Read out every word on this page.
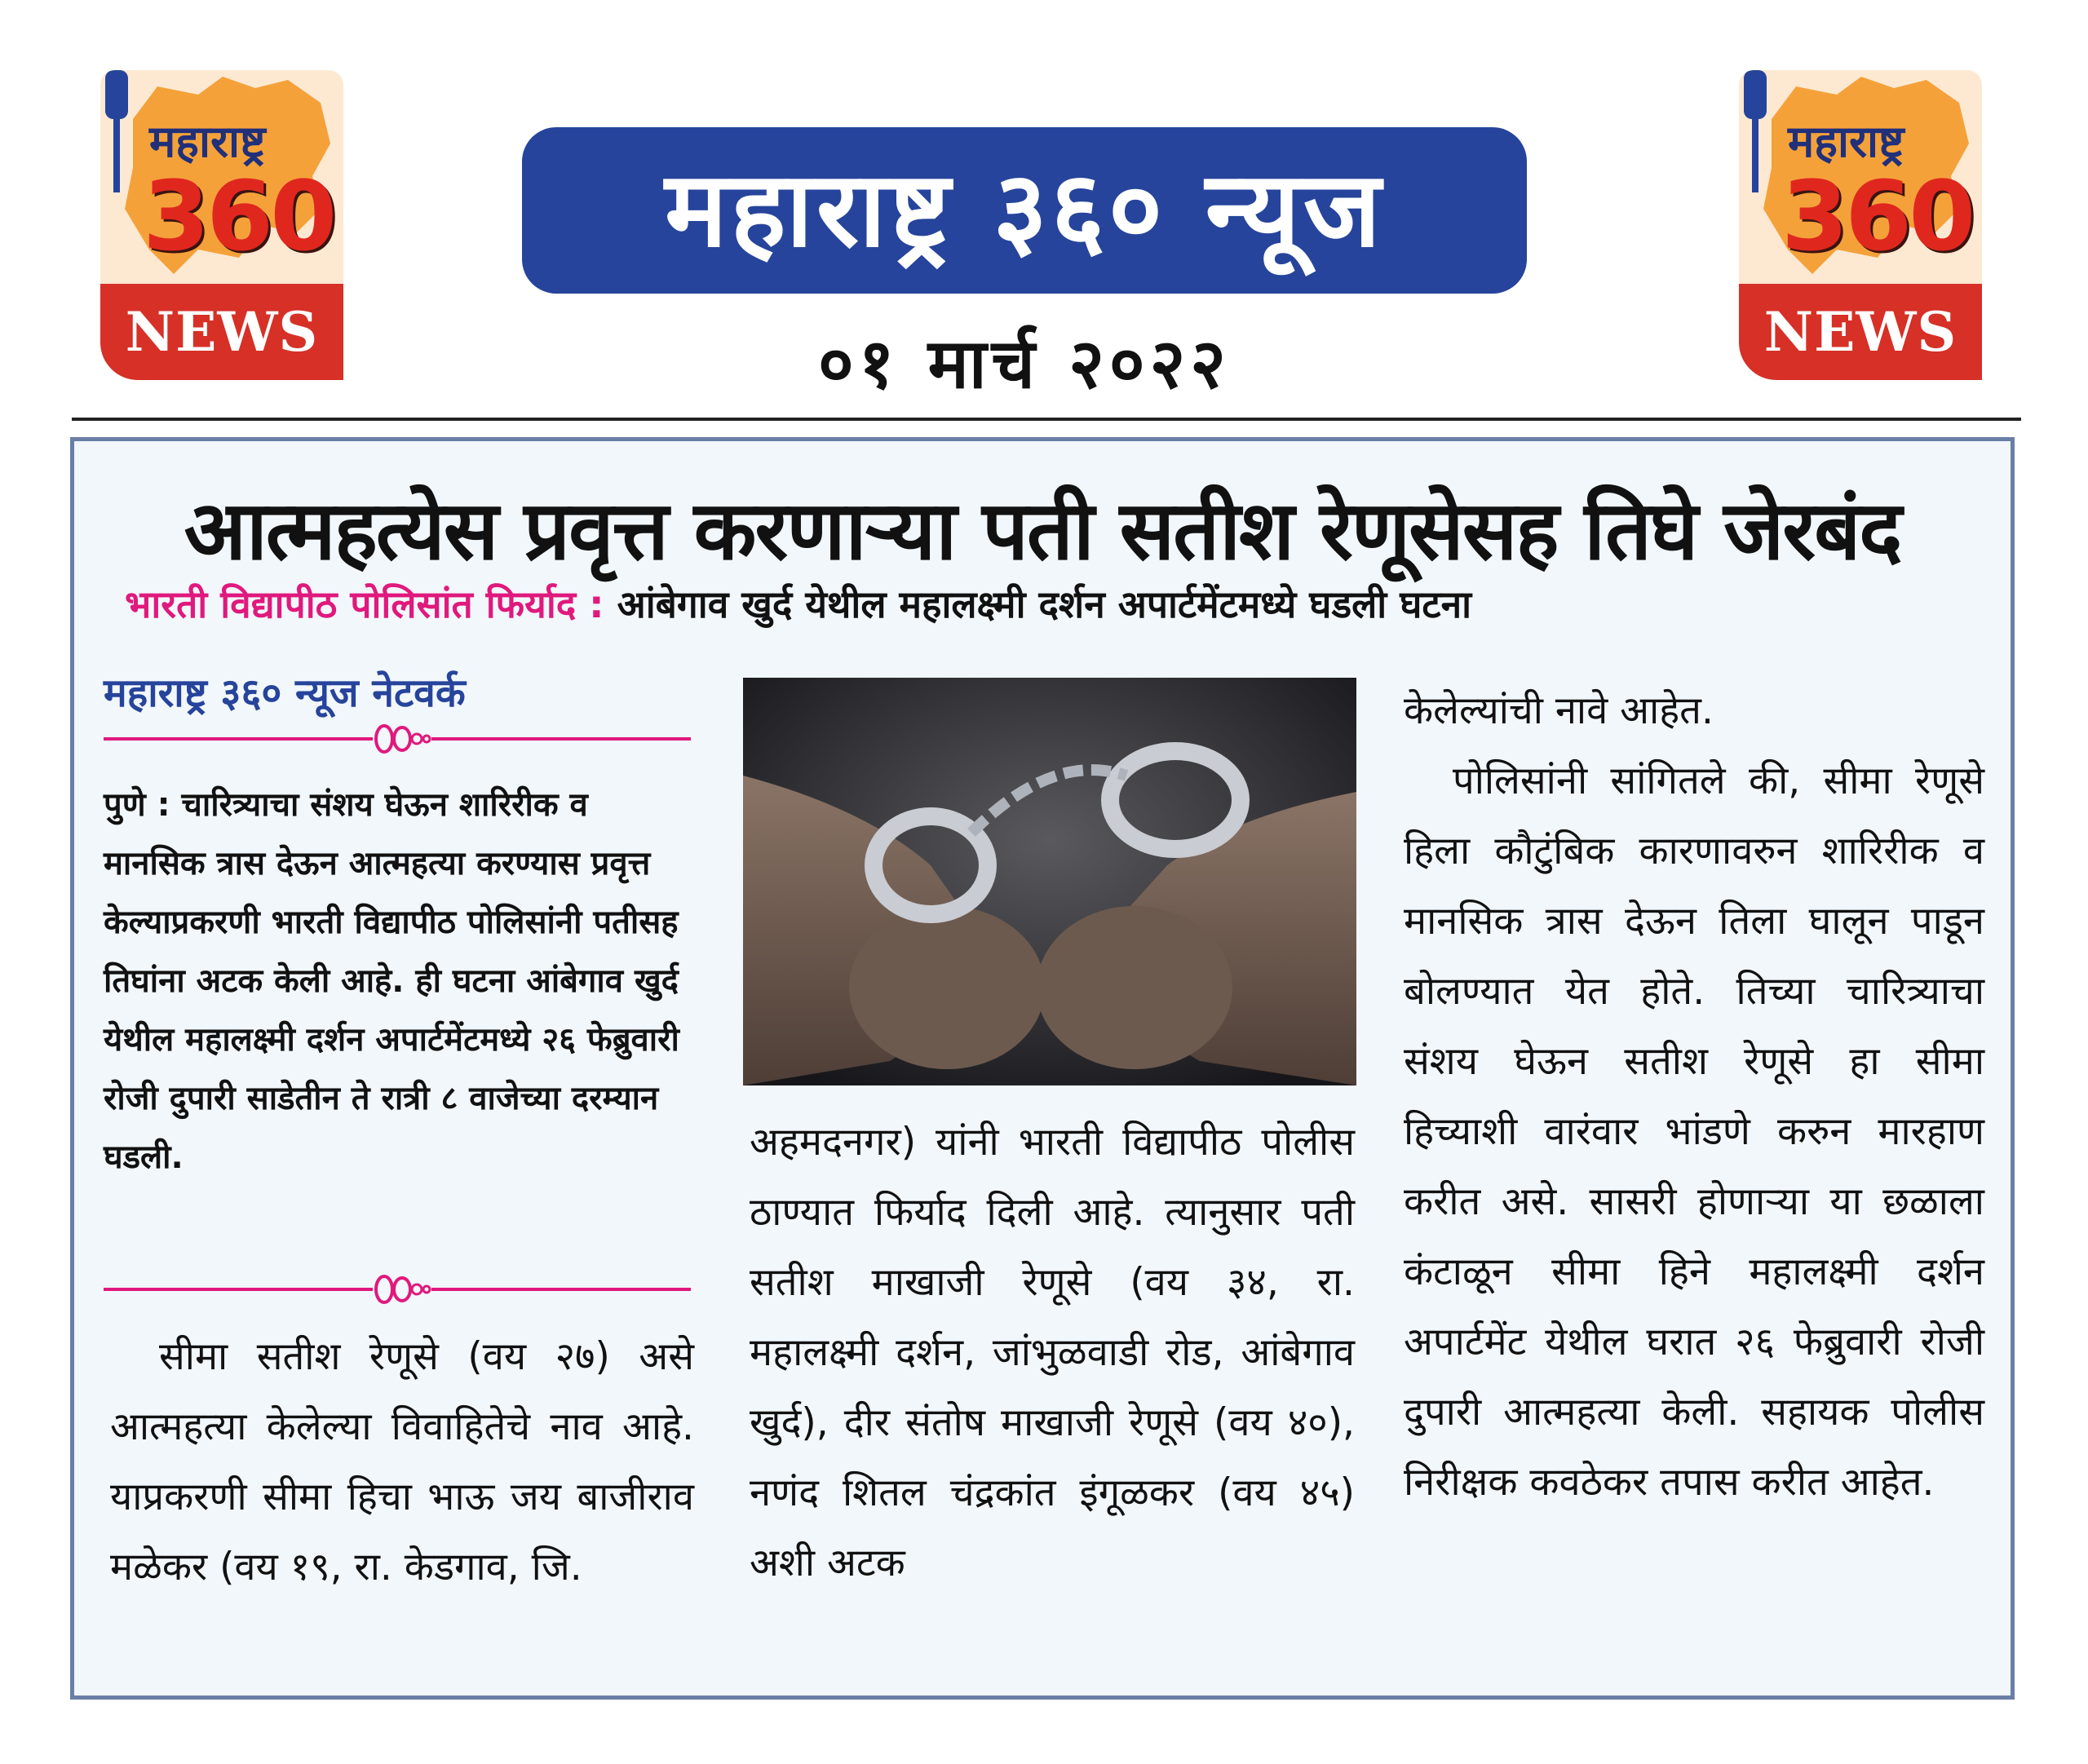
महाराष्ट्र
360
NEWS
महाराष्ट्र
360
NEWS
महाराष्ट्र ३६० न्यूज
०१ मार्च २०२२
आत्महत्येस प्रवृत्त करणाऱ्या पती सतीश रेणूसेसह तिघे जेरबंद
भारती विद्यापीठ पोलिसांत फिर्याद : आंबेगाव खुर्द येथील महालक्ष्मी दर्शन अपार्टमेंटमध्ये घडली घटना
महाराष्ट्र ३६० न्यूज नेटवर्क

पुणे : चारित्र्याचा संशय घेऊन शारिरीक व मानसिक त्रास देऊन आत्महत्या करण्यास प्रवृत्त केल्याप्रकरणी भारती विद्यापीठ पोलिसांनी पतीसह तिघांना अटक केली आहे. ही घटना आंबेगाव खुर्द येथील महालक्ष्मी दर्शन अपार्टमेंटमध्ये २६ फेब्रुवारी रोजी दुपारी साडेतीन ते रात्री ८ वाजेच्या दरम्यान घडली.

सीमा सतीश रेणूसे (वय २७) असे आत्महत्या केलेल्या विवाहितेचे नाव आहे. याप्रकरणी सीमा हिचा भाऊ जय बाजीराव मळेकर (वय १९, रा. केडगाव, जि.

अहमदनगर) यांनी भारती विद्यापीठ पोलीस ठाण्यात फिर्याद दिली आहे. त्यानुसार पती सतीश माखाजी रेणूसे (वय ३४, रा. महालक्ष्मी दर्शन, जांभुळवाडी रोड, आंबेगाव खुर्द), दीर संतोष माखाजी रेणूसे (वय ४०), नणंद शितल चंद्रकांत इंगूळकर (वय ४५) अशी अटक

केलेल्यांची नावे आहेत.

पोलिसांनी सांगितले की, सीमा रेणूसे हिला कौटुंबिक कारणावरुन शारिरीक व मानसिक त्रास देऊन तिला घालून पाडून बोलण्यात येत होते. तिच्या चारित्र्याचा संशय घेऊन सतीश रेणूसे हा सीमा हिच्याशी वारंवार भांडणे करुन मारहाण करीत असे. सासरी होणाऱ्या या छळाला कंटाळून सीमा हिने महालक्ष्मी दर्शन अपार्टमेंट येथील घरात २६ फेब्रुवारी रोजी दुपारी आत्महत्या केली. सहायक पोलीस निरीक्षक कवठेकर तपास करीत आहेत.
